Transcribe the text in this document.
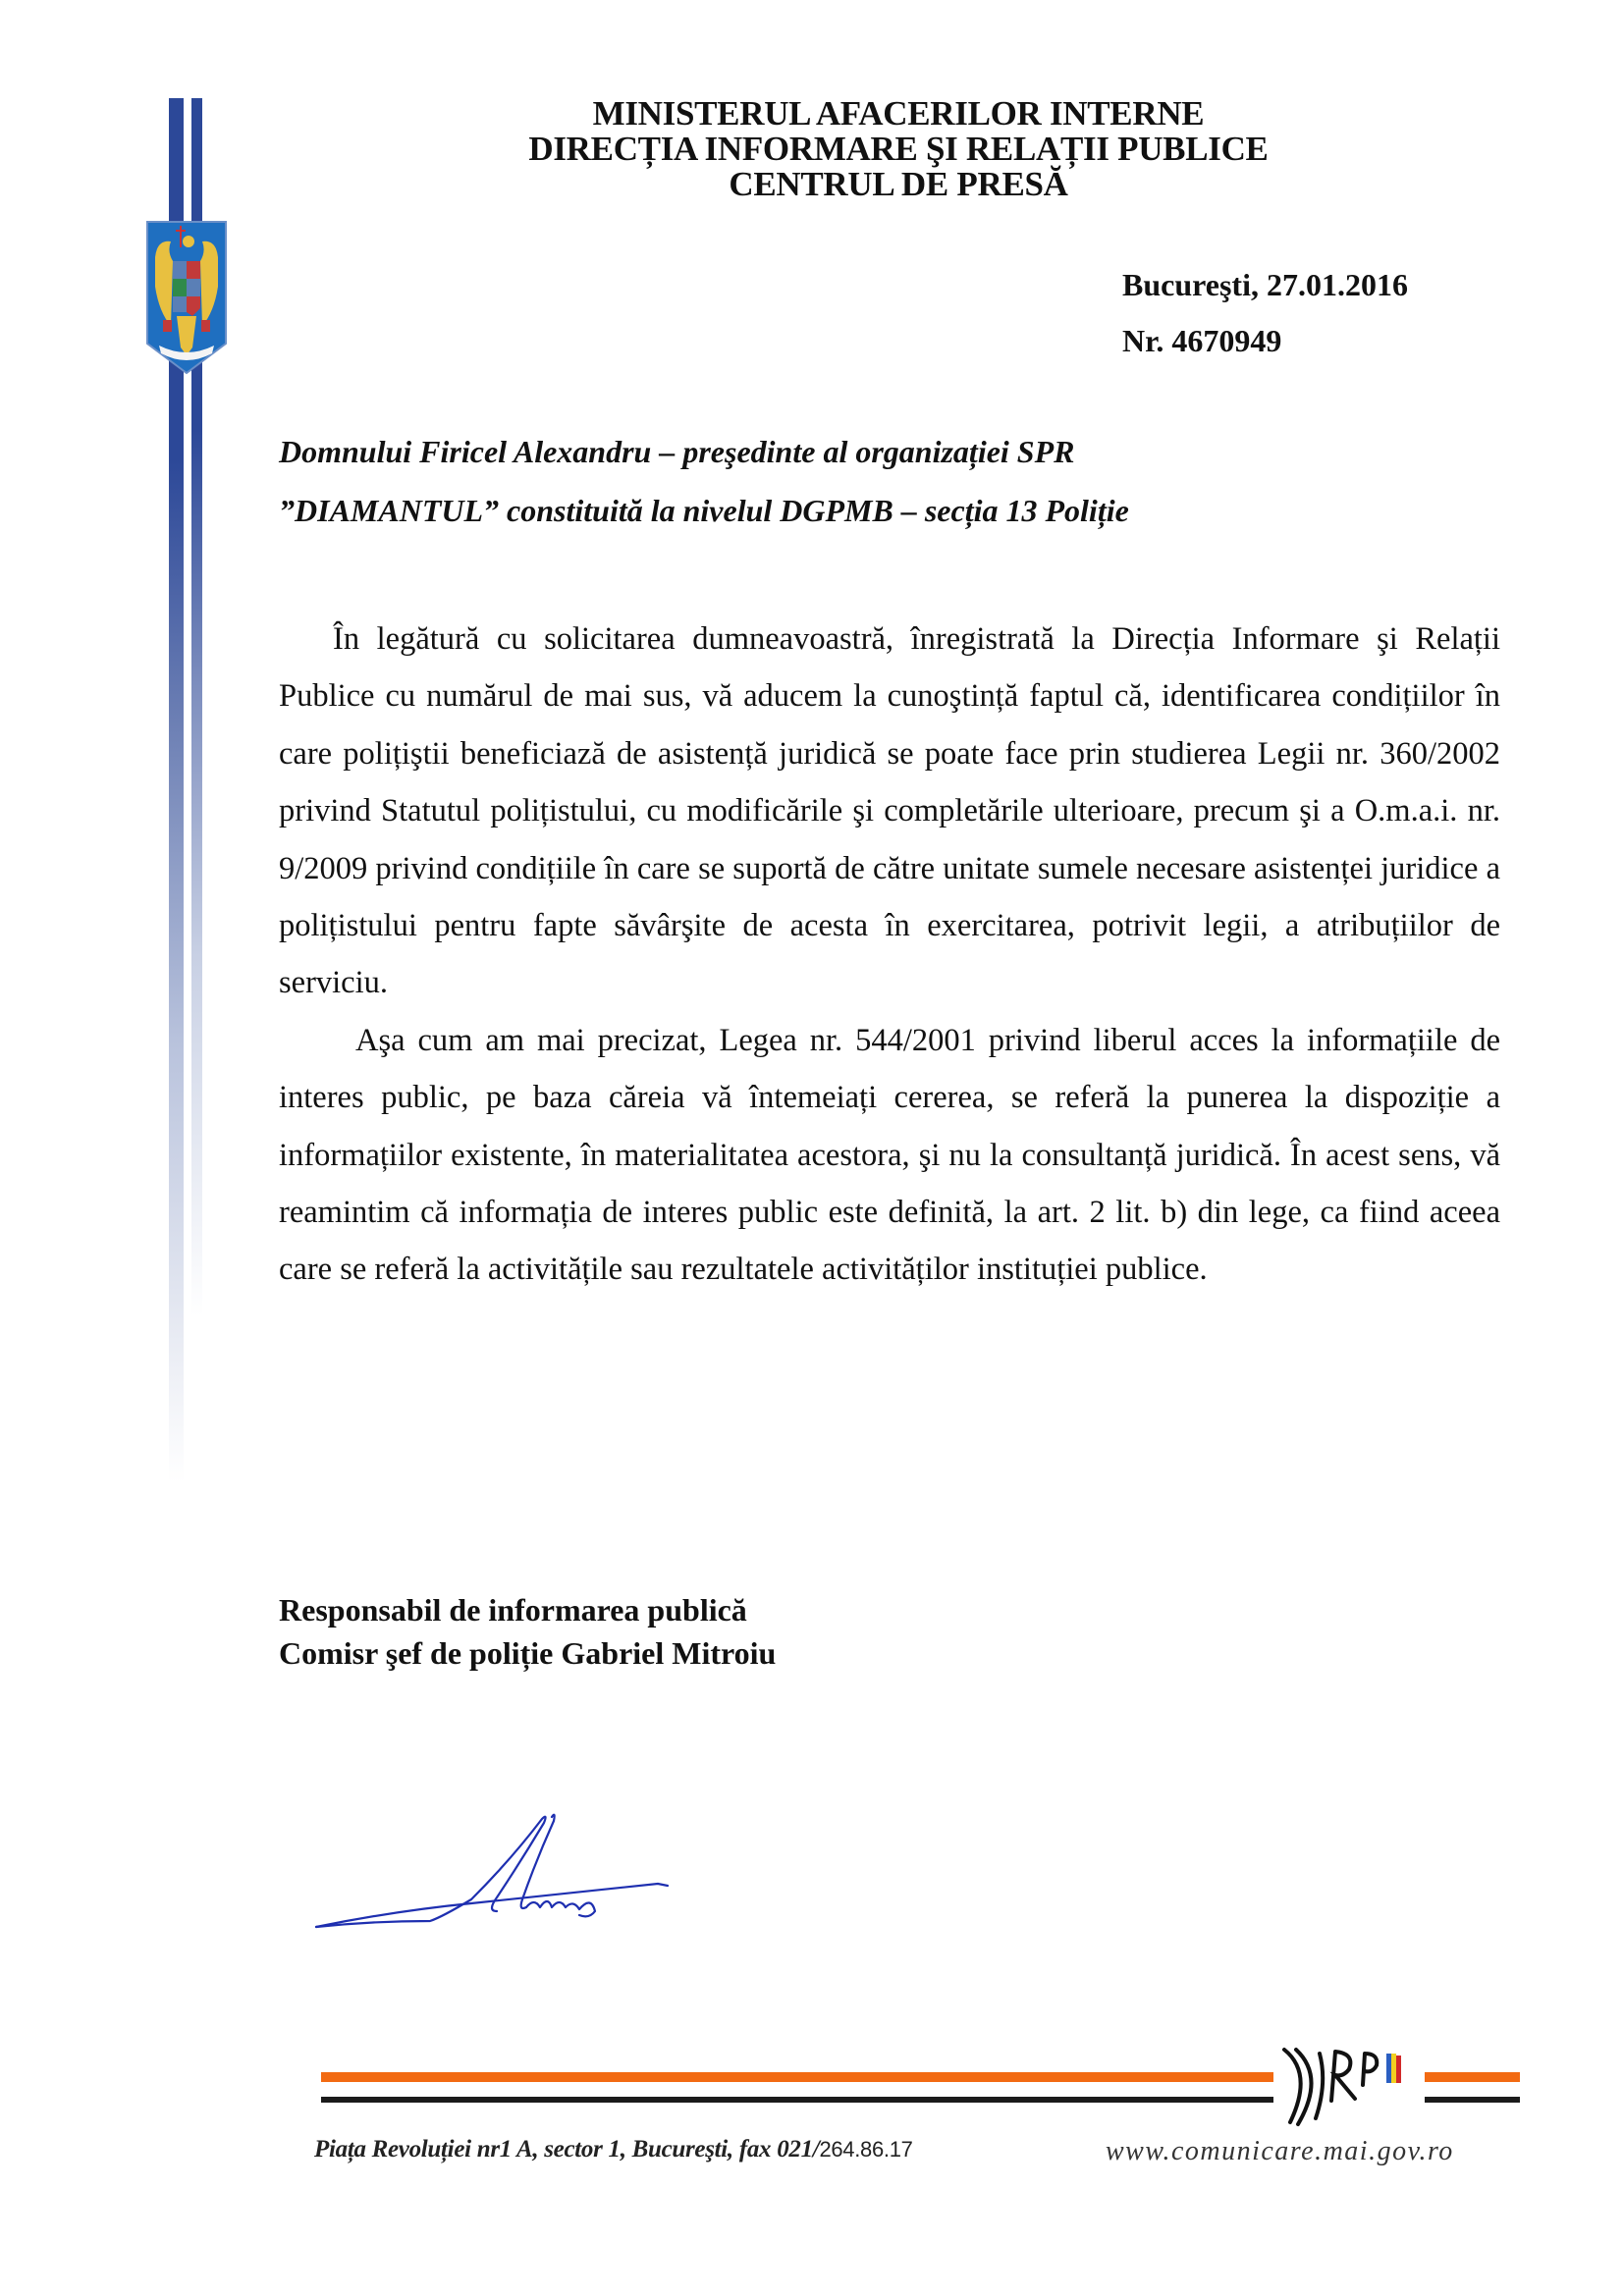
MINISTERUL AFACERILOR INTERNE
DIRECȚIA INFORMARE ŞI RELAȚII PUBLICE
CENTRUL DE PRESĂ
Bucureşti, 27.01.2016
Nr. 4670949
Domnului Firicel Alexandru – preşedinte al organizației SPR
”DIAMANTUL” constituită la nivelul DGPMB – secția 13 Poliție

În legătură cu solicitarea dumneavoastră, înregistrată la Direcția Informare şi Relații Publice cu numărul de mai sus, vă aducem la cunoştință faptul că, identificarea condițiilor în care polițiştii beneficiază de asistență juridică se poate face prin studierea Legii nr. 360/2002 privind Statutul polițistului, cu modificările şi completările ulterioare, precum şi a O.m.a.i. nr. 9/2009 privind condițiile în care se suportă de către unitate sumele necesare asistenței juridice a polițistului pentru fapte săvârşite de acesta în exercitarea, potrivit legii, a atribuțiilor de serviciu.

Aşa cum am mai precizat, Legea nr. 544/2001 privind liberul acces la informațiile de interes public, pe baza căreia vă întemeiați cererea, se referă la punerea la dispoziție a informațiilor existente, în materialitatea acestora, şi nu la consultanță juridică. În acest sens, vă reamintim că informația de interes public este definită, la art. 2 lit. b) din lege, ca fiind aceea care se referă la activitățile sau rezultatele activităților instituției publice.

Responsabil de informarea publică
Comisr şef de poliție Gabriel Mitroiu
Piața Revoluției nr1 A, sector 1, Bucureşti, fax 021/264.86.17	www.comunicare.mai.gov.ro
